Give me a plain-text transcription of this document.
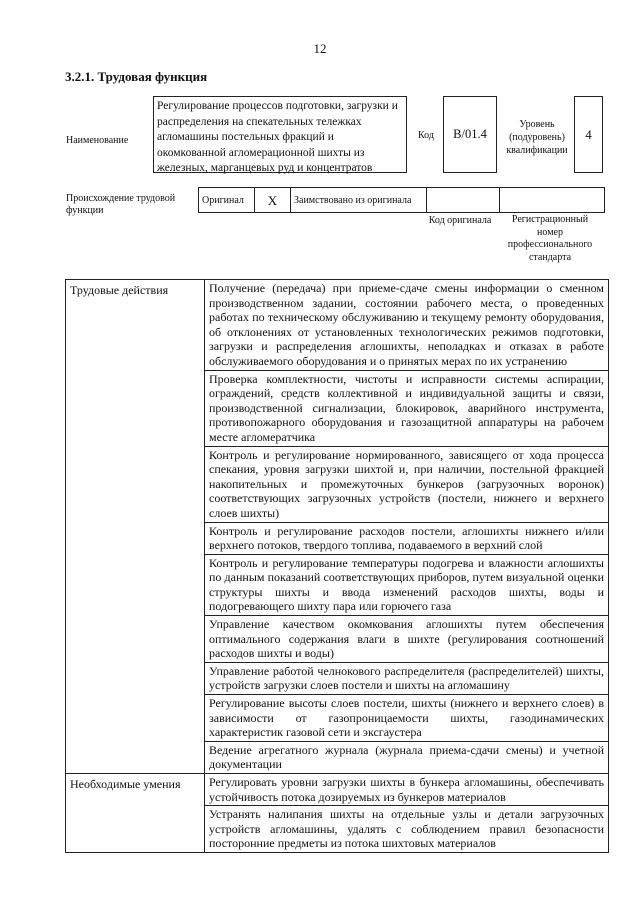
12
3.2.1. Трудовая функция
Наименование
Регулирование процессов подготовки, загрузки и распределения на спекательных тележках агломашины постельных фракций и окомкованной агломерационной шихты из железных, марганцевых руд и концентратов
Код	B/01.4
Уровень (подуровень) квалификации
4
Происхождение трудовой функции
Оригинал	X	Заимствовано из оригинала		
Код оригинала	Регистрационный номер профессионального стандарта
Трудовые действия	Получение (передача) при приеме-сдаче смены информации о сменном производственном задании, состоянии рабочего места, о проведенных работах по техническому обслуживанию и текущему ремонту оборудования, об отклонениях от установленных технологических режимов подготовки, загрузки и распределения аглошихты, неполадках и отказах в работе обслуживаемого оборудования и о принятых мерах по их устранению
	Проверка комплектности, чистоты и исправности системы аспирации, ограждений, средств коллективной и индивидуальной защиты и связи, производственной сигнализации, блокировок, аварийного инструмента, противопожарного оборудования и газозащитной аппаратуры на рабочем месте агломератчика
	Контроль и регулирование нормированного, зависящего от хода процесса спекания, уровня загрузки шихтой и, при наличии, постельной фракцией накопительных и промежуточных бункеров (загрузочных воронок) соответствующих загрузочных устройств (постели, нижнего и верхнего слоев шихты)
	Контроль и регулирование расходов постели, аглошихты нижнего и/или верхнего потоков, твердого топлива, подаваемого в верхний слой
	Контроль и регулирование температуры подогрева и влажности аглошихты по данным показаний соответствующих приборов, путем визуальной оценки структуры шихты и ввода изменений расходов шихты, воды и подогревающего шихту пара или горючего газа
	Управление качеством окомкования аглошихты путем обеспечения оптимального содержания влаги в шихте (регулирования соотношений расходов шихты и воды)
	Управление работой челнокового распределителя (распределителей) шихты, устройств загрузки слоев постели и шихты на агломашину
	Регулирование высоты слоев постели, шихты (нижнего и верхнего слоев) в зависимости от газопроницаемости шихты, газодинамических характеристик газовой сети и эксгаустера
	Ведение агрегатного журнала (журнала приема-сдачи смены) и учетной документации
Необходимые умения	Регулировать уровни загрузки шихты в бункера агломашины, обеспечивать устойчивость потока дозируемых из бункеров материалов
	Устранять налипания шихты на отдельные узлы и детали загрузочных устройств агломашины, удалять с соблюдением правил безопасности посторонние предметы из потока шихтовых материалов
